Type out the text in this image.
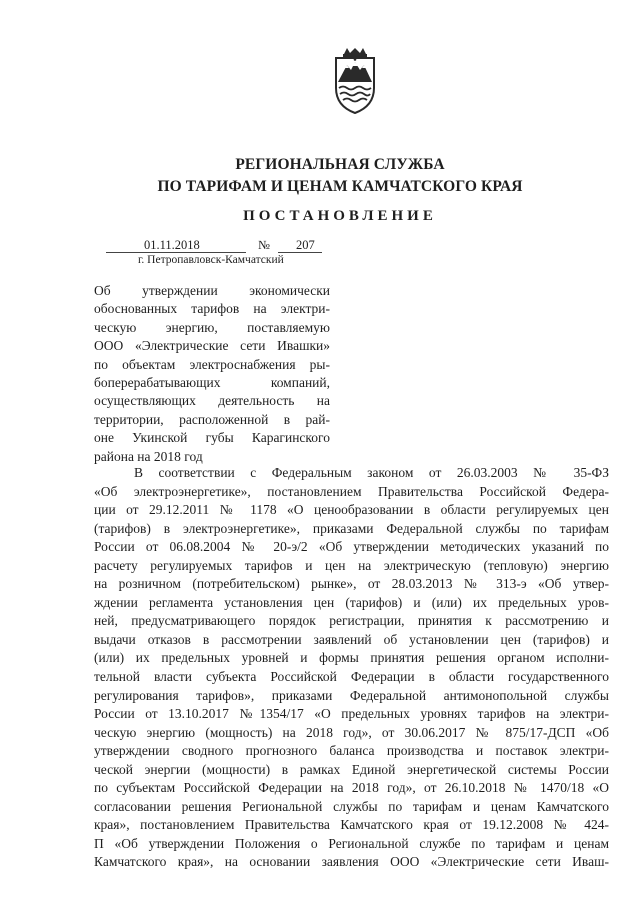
РЕГИОНАЛЬНАЯ СЛУЖБА
ПО ТАРИФАМ И ЦЕНАМ КАМЧАТСКОГО КРАЯ
ПОСТАНОВЛЕНИЕ
01.11.2018	№ 207
г. Петропавловск-Камчатский
Об утверждении экономически
обоснованных тарифов на электри-
ческую энергию, поставляемую
ООО «Электрические сети Ивашки»
по объектам электроснабжения ры-
боперерабатывающих компаний,
осуществляющих деятельность на
территории, расположенной в рай-
оне Укинской губы Карагинского
района на 2018 год
В соответствии с Федеральным законом от 26.03.2003 № 35-ФЗ
«Об электроэнергетике», постановлением Правительства Российской Федера-
ции от 29.12.2011 № 1178 «О ценообразовании в области регулируемых цен
(тарифов) в электроэнергетике», приказами Федеральной службы по тарифам
России от 06.08.2004 № 20-э/2 «Об утверждении методических указаний по
расчету регулируемых тарифов и цен на электрическую (тепловую) энергию
на розничном (потребительском) рынке», от 28.03.2013 № 313-э «Об утвер-
ждении регламента установления цен (тарифов) и (или) их предельных уров-
ней, предусматривающего порядок регистрации, принятия к рассмотрению и
выдачи отказов в рассмотрении заявлений об установлении цен (тарифов) и
(или) их предельных уровней и формы принятия решения органом исполни-
тельной власти субъекта Российской Федерации в области государственного
регулирования тарифов», приказами Федеральной антимонопольной службы
России от 13.10.2017 №1354/17 «О предельных уровнях тарифов на электри-
ческую энергию (мощность) на 2018 год», от 30.06.2017 № 875/17-ДСП «Об
утверждении сводного прогнозного баланса производства и поставок электри-
ческой энергии (мощности) в рамках Единой энергетической системы России
по субъектам Российской Федерации на 2018 год», от 26.10.2018 № 1470/18 «О
согласовании решения Региональной службы по тарифам и ценам Камчатского
края», постановлением Правительства Камчатского края от 19.12.2008 № 424-
П «Об утверждении Положения о Региональной службе по тарифам и ценам
Камчатского края», на основании заявления ООО «Электрические сети Иваш-
